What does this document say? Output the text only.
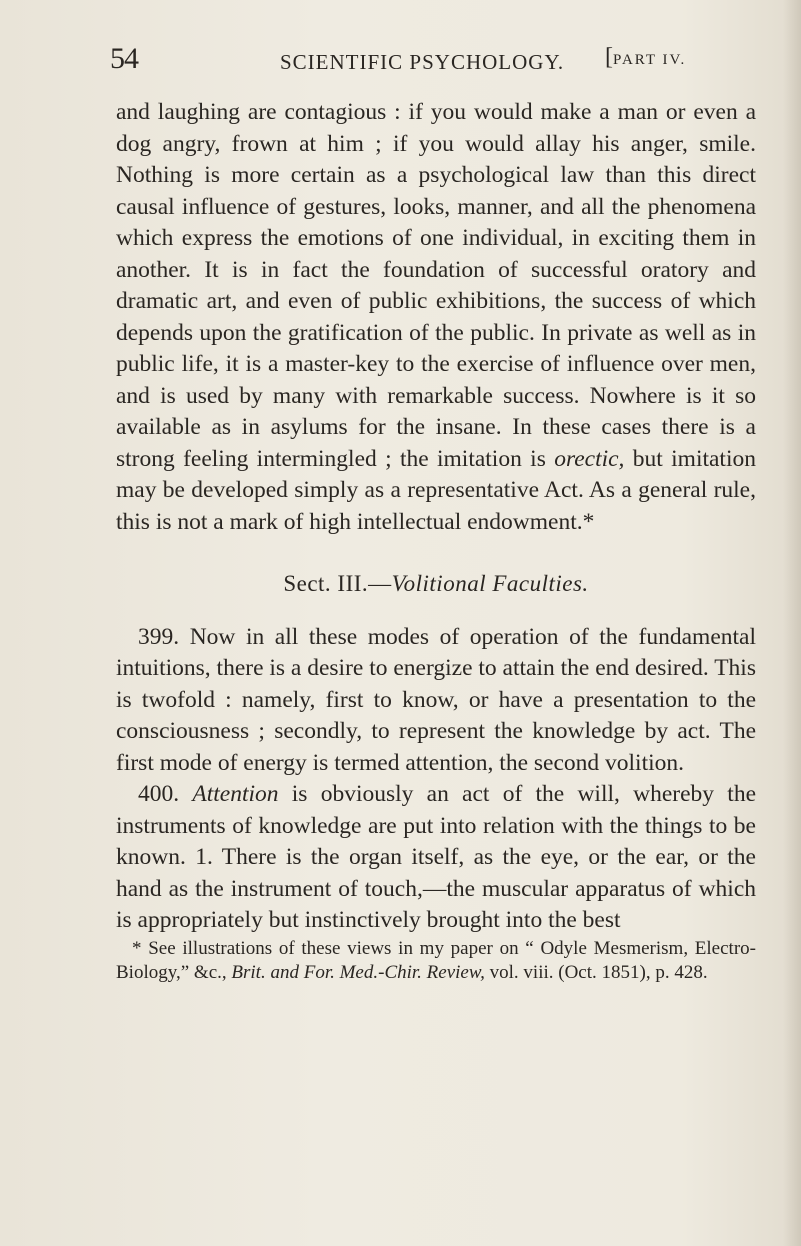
54	SCIENTIFIC PSYCHOLOGY. [PART IV.

and laughing are contagious : if you would make a man or even a dog angry, frown at him ; if you would allay his anger, smile. Nothing is more certain as a psychological law than this direct causal influence of gestures, looks, manner, and all the phenomena which express the emotions of one individual, in exciting them in another. It is in fact the foundation of successful oratory and dramatic art, and even of public exhibitions, the success of which depends upon the gratification of the public. In private as well as in public life, it is a master-key to the exercise of influence over men, and is used by many with remarkable success. Nowhere is it so available as in asylums for the insane. In these cases there is a strong feeling intermingled ; the imitation is orectic, but imitation may be developed simply as a representative Act. As a general rule, this is not a mark of high intellectual endowment.*

Sect. III.—Volitional Faculties.

399. Now in all these modes of operation of the fundamental intuitions, there is a desire to energize to attain the end desired. This is twofold : namely, first to know, or have a presentation to the consciousness ; secondly, to represent the knowledge by act. The first mode of energy is termed attention, the second volition.

400. Attention is obviously an act of the will, whereby the instruments of knowledge are put into relation with the things to be known. 1. There is the organ itself, as the eye, or the ear, or the hand as the instrument of touch,—the muscular apparatus of which is appropriately but instinctively brought into the best

* See illustrations of these views in my paper on “ Odyle Mesmerism, Electro-Biology,” &c., Brit. and For. Med.-Chir. Review, vol. viii. (Oct. 1851), p. 428.
